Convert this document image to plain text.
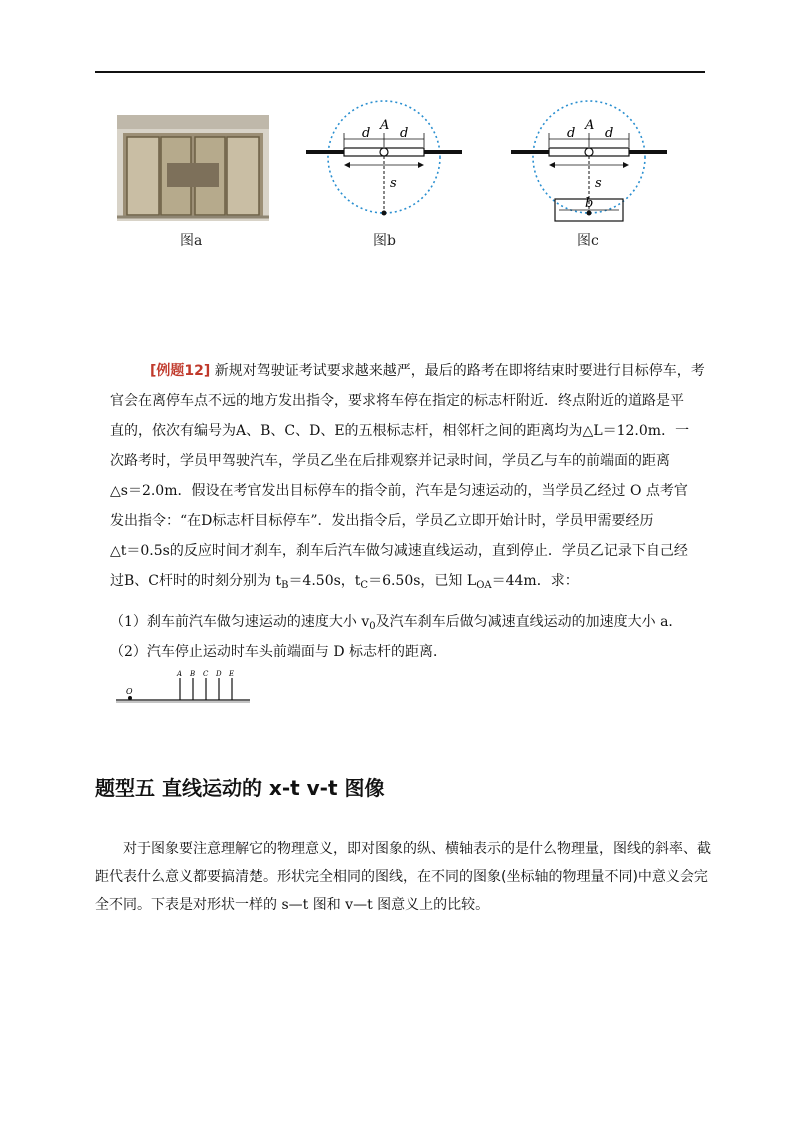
图a
d d
A
s
图b
d d
A
s
b
图c

[例题12] 新规对驾驶证考试要求越来越严，最后的路考在即将结束时要进行目标停车，考

官会在离停车点不远的地方发出指令，要求将车停在指定的标志杆附近．终点附近的道路是平

直的，依次有编号为A、B、C、D、E的五根标志杆，相邻杆之间的距离均为△L＝12.0m．一

次路考时，学员甲驾驶汽车，学员乙坐在后排观察并记录时间，学员乙与车的前端面的距离

△s＝2.0m．假设在考官发出目标停车的指令前，汽车是匀速运动的，当学员乙经过 O 点考官

发出指令：“在D标志杆目标停车”．发出指令后，学员乙立即开始计时，学员甲需要经历

△t＝0.5s的反应时间才刹车，刹车后汽车做匀减速直线运动，直到停止．学员乙记录下自己经

过B、C杆时的时刻分别为 $t_B=4.50s$，$t_C=6.50s$，已知 $L_{OA}=44m$．求：

（1）刹车前汽车做匀速运动的速度大小 $v_0$及汽车刹车后做匀减速直线运动的加速度大小 a．
（2）汽车停止运动时车头前端面与 D 标志杆的距离．
O
A B C D E
题型五 直线运动的 x-t v-t 图像
对于图象要注意理解它的物理意义，即对图象的纵、横轴表示的是什么物理量，图线的斜率、截距代表什么意义都要搞清楚。形状完全相同的图线，在不同的图象(坐标轴的物理量不同)中意义会完全不同。下表是对形状一样的 s—t 图和 v—t 图意义上的比较。
